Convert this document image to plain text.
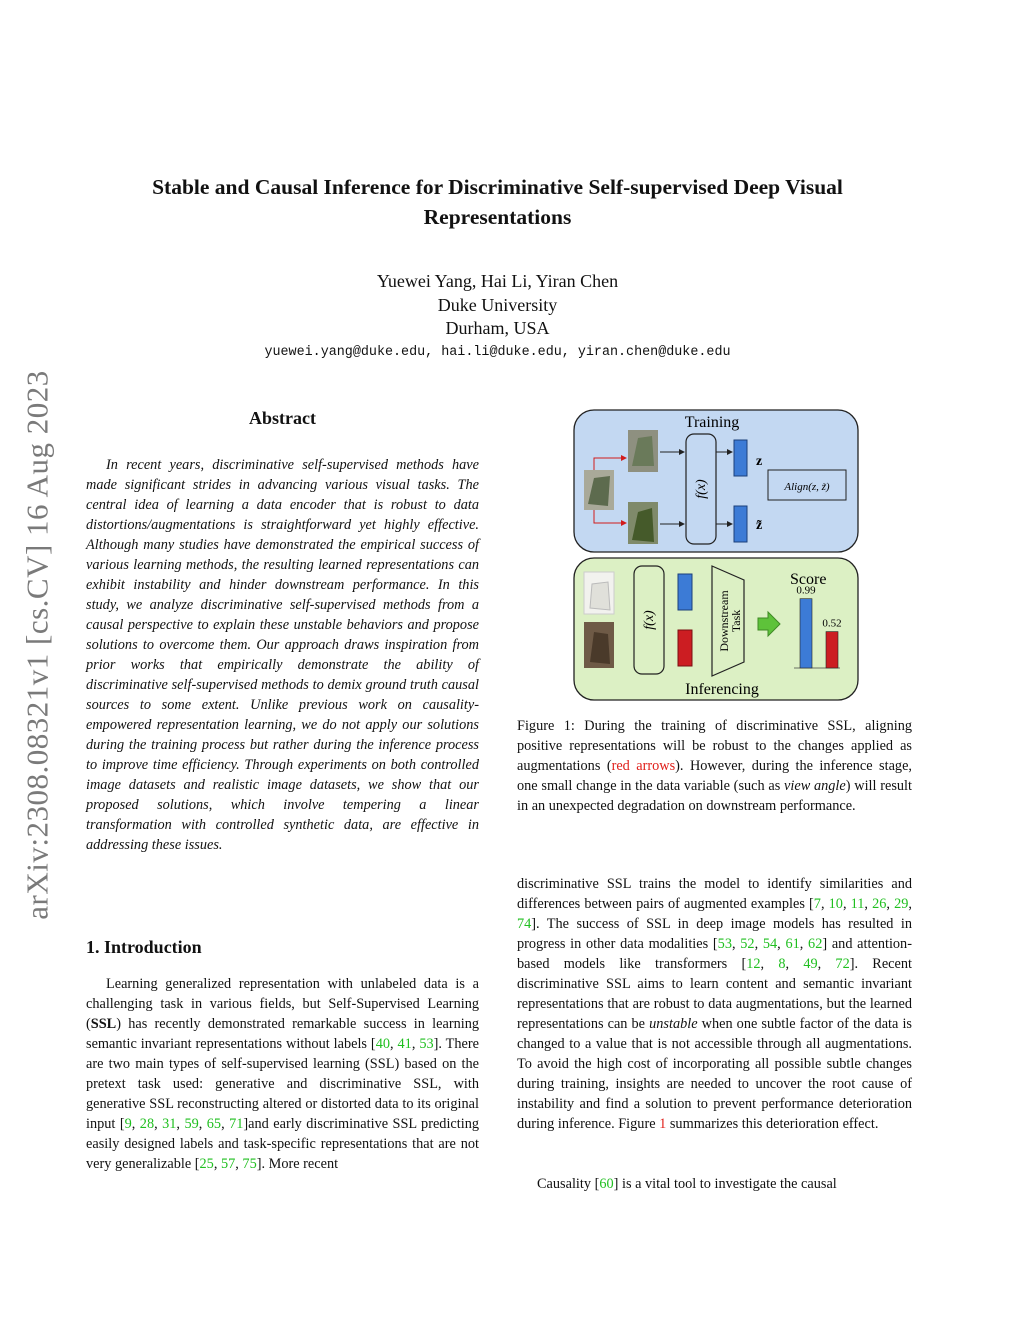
arXiv:2308.08321v1 [cs.CV] 16 Aug 2023
Stable and Causal Inference for Discriminative Self-supervised Deep Visual
Representations
Yuewei Yang, Hai Li, Yiran Chen
Duke University
Durham, USA
yuewei.yang@duke.edu, hai.li@duke.edu, yiran.chen@duke.edu
Abstract

In recent years, discriminative self-supervised methods have made significant strides in advancing various visual tasks. The central idea of learning a data encoder that is robust to data distortions/augmentations is straightforward yet highly effective. Although many studies have demonstrated the empirical success of various learning methods, the resulting learned representations can exhibit instability and hinder downstream performance. In this study, we analyze discriminative self-supervised methods from a causal perspective to explain these unstable behaviors and propose solutions to overcome them. Our approach draws inspiration from prior works that empirically demonstrate the ability of discriminative self-supervised methods to demix ground truth causal sources to some extent. Unlike previous work on causality-empowered representation learning, we do not apply our solutions during the training process but rather during the inference process to improve time efficiency. Through experiments on both controlled image datasets and realistic image datasets, we show that our proposed solutions, which involve tempering a linear transformation with controlled synthetic data, are effective in addressing these issues.

1. Introduction

Learning generalized representation with unlabeled data is a challenging task in various fields, but Self-Supervised Learning (SSL) has recently demonstrated remarkable success in learning semantic invariant representations without labels [40, 41, 53]. There are two main types of self-supervised learning (SSL) based on the pretext task used: generative and discriminative SSL, with generative SSL reconstructing altered or distorted data to its original input [9, 28, 31, 59, 65, 71]and early discriminative SSL predicting easily designed labels and task-specific representations that are not very generalizable [25, 57, 75]. More recent

Training
f(x)
z
z̃
Align(z, z̃)
Inferencing
f(x)	Downstream
Task
Score
0.99
0.52

Figure 1: During the training of discriminative SSL, aligning positive representations will be robust to the changes applied as augmentations (red arrows). However, during the inference stage, one small change in the data variable (such as view angle) will result in an unexpected degradation on downstream performance.

discriminative SSL trains the model to identify similarities and differences between pairs of augmented examples [7, 10, 11, 26, 29, 74]. The success of SSL in deep image models has resulted in progress in other data modalities [53, 52, 54, 61, 62] and attention-based models like transformers [12, 8, 49, 72]. Recent discriminative SSL aims to learn content and semantic invariant representations that are robust to data augmentations, but the learned representations can be unstable when one subtle factor of the data is changed to a value that is not accessible through all augmentations. To avoid the high cost of incorporating all possible subtle changes during training, insights are needed to uncover the root cause of instability and find a solution to prevent performance deterioration during inference. Figure 1 summarizes this deterioration effect.

Causality [60] is a vital tool to investigate the causal
